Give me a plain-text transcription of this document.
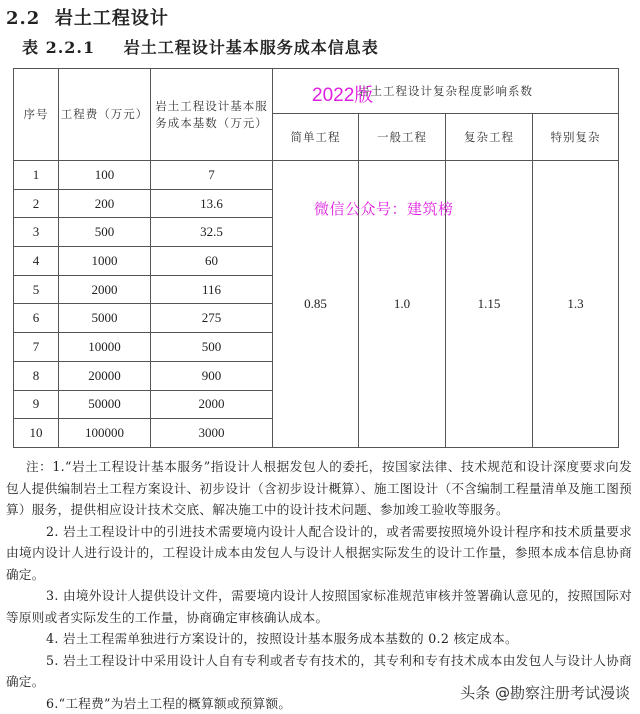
2.2 岩土工程设计
表 2.2.1 岩土工程设计基本服务成本信息表
序号	工程费（万元）	岩土工程设计基本服务成本基数（万元）	岩土工程设计复杂程度影响系数			
			简单工程	一般工程	复杂工程	特别复杂
1	100	7	0.85	1.0	1.15	1.3
2	200	13.6				
3	500	32.5				
4	1000	60				
5	2000	116				
6	5000	275				
7	10000	500				
8	20000	900				
9	50000	2000				
10	100000	3000				
2022版
微信公众号：建筑榜

注：1.“岩土工程设计基本服务”指设计人根据发包人的委托，按国家法律、技术规范和设计深度要求向发包人提供编制岩土工程方案设计、初步设计（含初步设计概算）、施工图设计（不含编制工程量清单及施工图预算）服务，提供相应设计技术交底、解决施工中的设计技术问题、参加竣工验收等服务。

2. 岩土工程设计中的引进技术需要境内设计人配合设计的，或者需要按照境外设计程序和技术质量要求由境内设计人进行设计的，工程设计成本由发包人与设计人根据实际发生的设计工作量，参照本成本信息协商确定。

3. 由境外设计人提供设计文件，需要境内设计人按照国家标准规范审核并签署确认意见的，按照国际对等原则或者实际发生的工作量，协商确定审核确认成本。

4. 岩土工程需单独进行方案设计的，按照设计基本服务成本基数的 0.2 核定成本。

5. 岩土工程设计中采用设计人自有专利或者专有技术的，其专利和专有技术成本由发包人与设计人协商确定。

6.“工程费”为岩土工程的概算额或预算额。

头条 @勘察注册考试漫谈
